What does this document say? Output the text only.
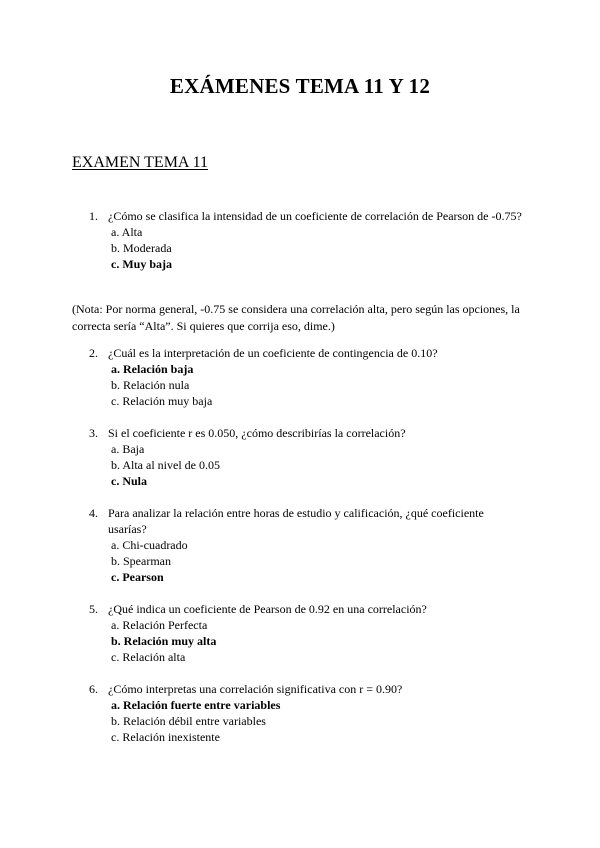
EXÁMENES TEMA 11 Y 12
EXAMEN TEMA 11
1. ¿Cómo se clasifica la intensidad de un coeficiente de correlación de Pearson de -0.75?
a. Alta
b. Moderada
c. Muy baja
(Nota: Por norma general, -0.75 se considera una correlación alta, pero según las opciones, la correcta sería “Alta”. Si quieres que corrija eso, dime.)
2. ¿Cuál es la interpretación de un coeficiente de contingencia de 0.10?
a. Relación baja
b. Relación nula
c. Relación muy baja
3. Si el coeficiente r es 0.050, ¿cómo describirías la correlación?
a. Baja
b. Alta al nivel de 0.05
c. Nula
4. Para analizar la relación entre horas de estudio y calificación, ¿qué coeficiente usarías?
a. Chi-cuadrado
b. Spearman
c. Pearson
5. ¿Qué indica un coeficiente de Pearson de 0.92 en una correlación?
a. Relación Perfecta
b. Relación muy alta
c. Relación alta
6. ¿Cómo interpretas una correlación significativa con r = 0.90?
a. Relación fuerte entre variables
b. Relación débil entre variables
c. Relación inexistente
